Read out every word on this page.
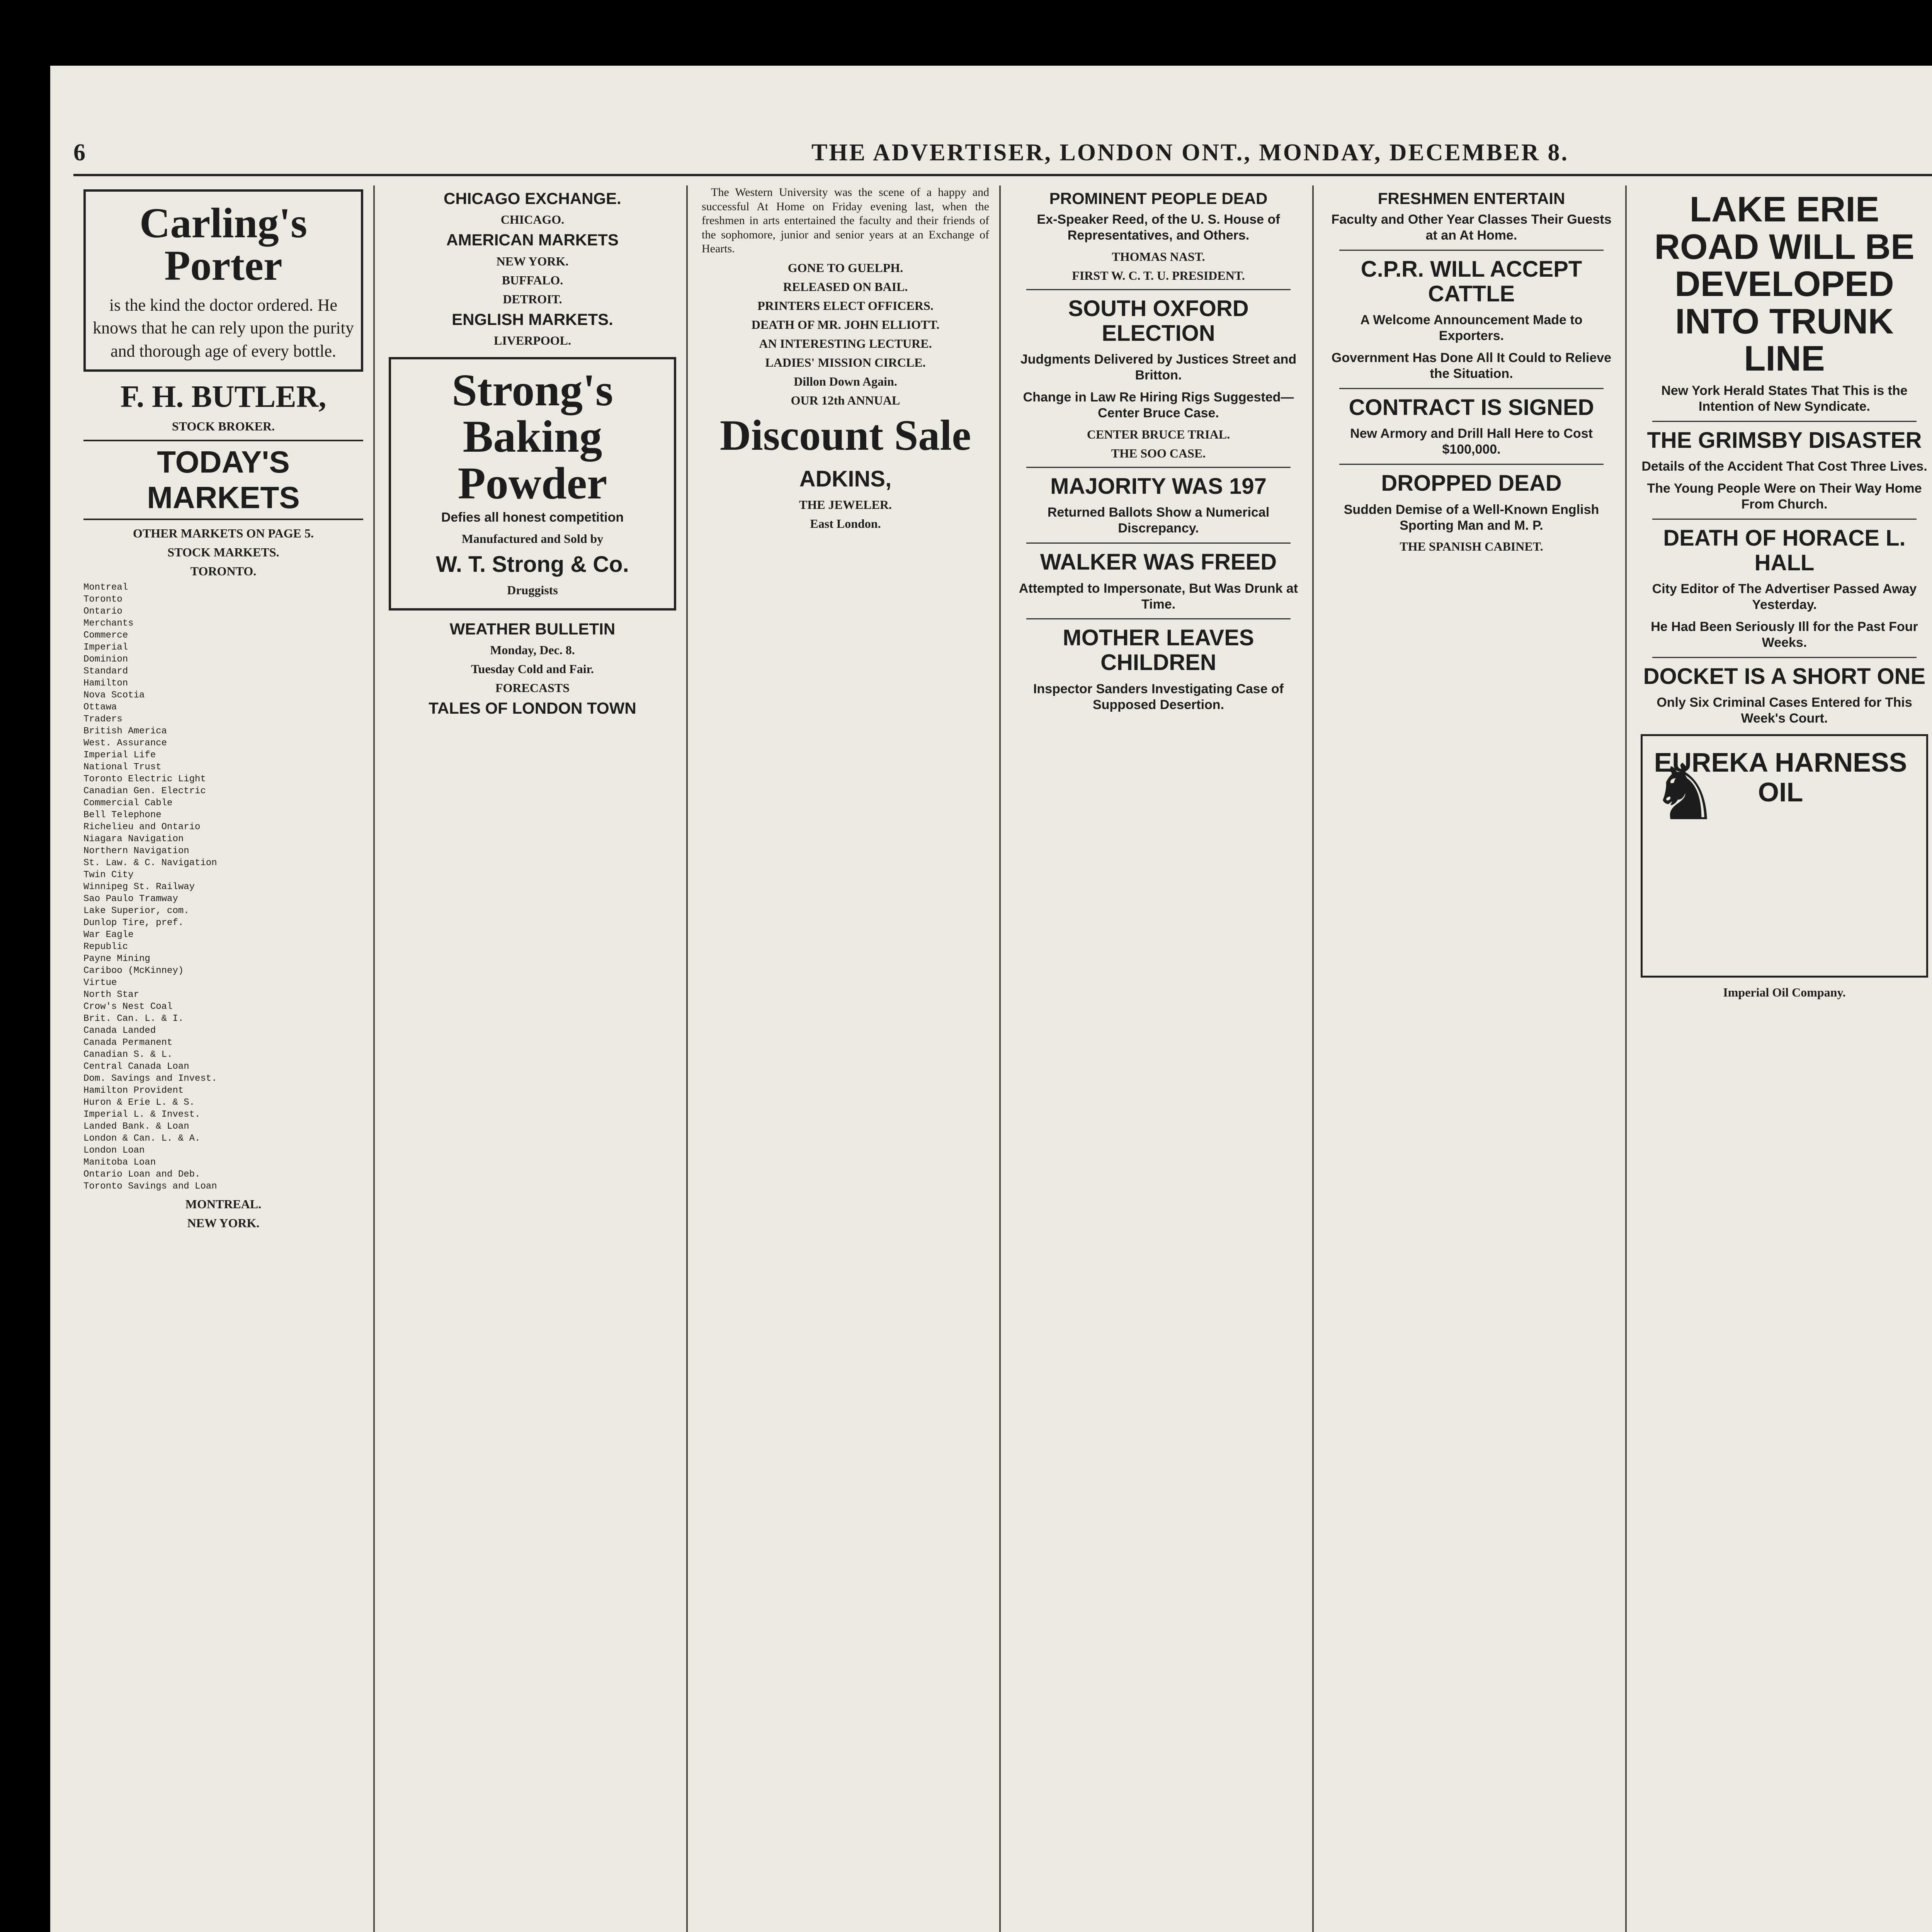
6	THE ADVERTISER, LONDON ONT., MONDAY, DECEMBER 8.
Carling's Porter
is the kind the doctor ordered. He knows that he can rely upon the purity and thorough age of every bottle.
F. H. BUTLER,
STOCK BROKER.
TODAY'S MARKETS
OTHER MARKETS ON PAGE 5.
STOCK MARKETS.
TORONTO.
Montreal		
Toronto		
Ontario		
Merchants		
Commerce		
Imperial		
Dominion		
Standard		
Hamilton		
Nova Scotia		
Ottawa		
Traders		
British America		
West. Assurance		
Imperial Life		
National Trust		
Toronto Electric Light		
Canadian Gen. Electric		
Commercial Cable		
Bell Telephone		
Richelieu and Ontario		
Niagara Navigation		
Northern Navigation		
St. Law. & C. Navigation		
Twin City		
Winnipeg St. Railway		
Sao Paulo Tramway		
Lake Superior, com.		
Dunlop Tire, pref.		
War Eagle		
Republic		
Payne Mining		
Cariboo (McKinney)		
Virtue		
North Star		
Crow's Nest Coal		
Brit. Can. L. & I.		
Canada Landed		
Canada Permanent		
Canadian S. & L.		
Central Canada Loan		
Dom. Savings and Invest.		
Hamilton Provident		
Huron & Erie L. & S.		
Imperial L. & Invest.		
Landed Bank. & Loan		
London & Can. L. & A.		
London Loan		
Manitoba Loan		
Ontario Loan and Deb.		
Toronto Savings and Loan		
MONTREAL.
NEW YORK.
CHICAGO EXCHANGE.
CHICAGO.
AMERICAN MARKETS
NEW YORK.
BUFFALO.
DETROIT.
ENGLISH MARKETS.
LIVERPOOL.
Strong's Baking Powder
Defies all honest competition
Manufactured and Sold by
W. T. Strong & Co.
Druggists
WEATHER BULLETIN
Monday, Dec. 8.
Tuesday Cold and Fair.
FORECASTS
TALES OF LONDON TOWN

The Western University was the scene of a happy and successful At Home on Friday evening last, when the freshmen in arts entertained the faculty and their friends of the sophomore, junior and senior years at an Exchange of Hearts.

GONE TO GUELPH.
RELEASED ON BAIL.
PRINTERS ELECT OFFICERS.
DEATH OF MR. JOHN ELLIOTT.
AN INTERESTING LECTURE.
LADIES' MISSION CIRCLE.
Dillon Down Again.
OUR 12th ANNUAL
Discount Sale
ADKINS,
THE JEWELER.
East London.
PROMINENT PEOPLE DEAD
Ex-Speaker Reed, of the U. S. House of Representatives, and Others.
THOMAS NAST.
FIRST W. C. T. U. PRESIDENT.
SOUTH OXFORD ELECTION
Judgments Delivered by Justices Street and Britton.
Change in Law Re Hiring Rigs Suggested—Center Bruce Case.
CENTER BRUCE TRIAL.
THE SOO CASE.
MAJORITY WAS 197
Returned Ballots Show a Numerical Discrepancy.
WALKER WAS FREED
Attempted to Impersonate, But Was Drunk at Time.
MOTHER LEAVES CHILDREN
Inspector Sanders Investigating Case of Supposed Desertion.
FRESHMEN ENTERTAIN
Faculty and Other Year Classes Their Guests at an At Home.
C.P.R. WILL ACCEPT CATTLE
A Welcome Announcement Made to Exporters.
Government Has Done All It Could to Relieve the Situation.
CONTRACT IS SIGNED
New Armory and Drill Hall Here to Cost $100,000.
DROPPED DEAD
Sudden Demise of a Well-Known English Sporting Man and M. P.
THE SPANISH CABINET.
LAKE ERIE ROAD WILL BE DEVELOPED INTO TRUNK LINE
New York Herald States That This is the Intention of New Syndicate.
THE GRIMSBY DISASTER
Details of the Accident That Cost Three Lives.
The Young People Were on Their Way Home From Church.
DEATH OF HORACE L. HALL
City Editor of The Advertiser Passed Away Yesterday.
He Had Been Seriously Ill for the Past Four Weeks.
DOCKET IS A SHORT ONE
Only Six Criminal Cases Entered for This Week's Court.
♞
EUREKA HARNESS OIL
Imperial Oil Company.
